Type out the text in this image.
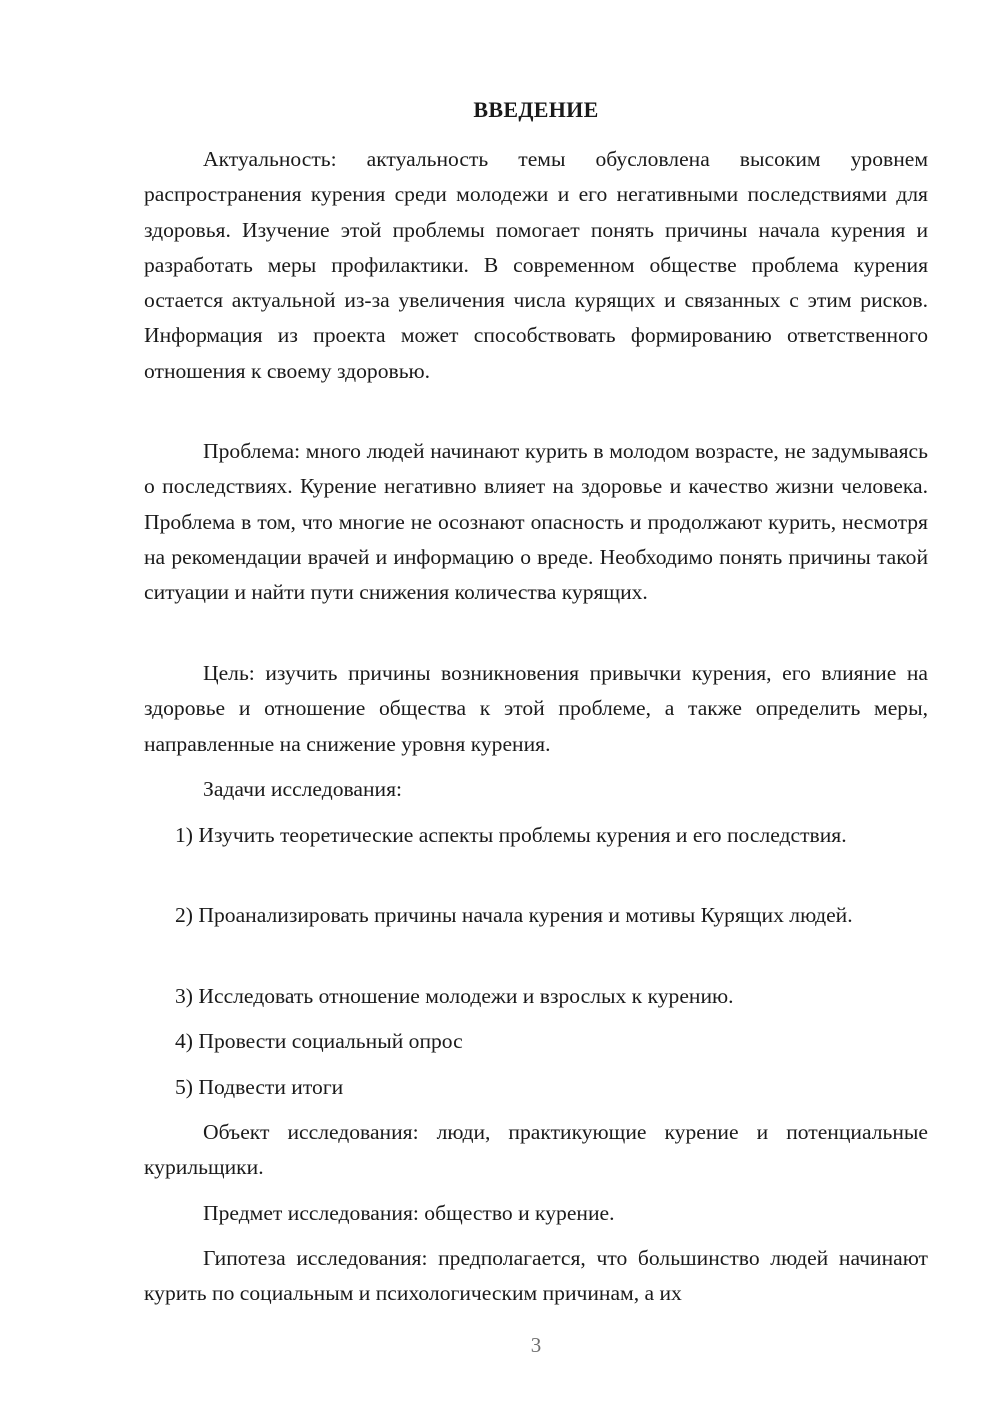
ВВЕДЕНИЕ

Актуальность: актуальность темы обусловлена высоким уровнем распространения курения среди молодежи и его негативными последствиями для здоровья. Изучение этой проблемы помогает понять причины начала курения и разработать меры профилактики. В современном обществе проблема курения остается актуальной из-за увеличения числа курящих и связанных с этим рисков. Информация из проекта может способствовать формированию ответственного отношения к своему здоровью.

Проблема: много людей начинают курить в молодом возрасте, не задумываясь о последствиях. Курение негативно влияет на здоровье и качество жизни человека. Проблема в том, что многие не осознают опасность и продолжают курить, несмотря на рекомендации врачей и информацию о вреде. Необходимо понять причины такой ситуации и найти пути снижения количества курящих.

Цель: изучить причины возникновения привычки курения, его влияние на здоровье и отношение общества к этой проблеме, а также определить меры, направленные на снижение уровня курения.

Задачи исследования:

1) Изучить теоретические аспекты проблемы курения и его последствия.

2) Проанализировать причины начала курения и мотивы Курящих людей.

3) Исследовать отношение молодежи и взрослых к курению.

4) Провести социальный опрос

5) Подвести итоги

Объект исследования: люди, практикующие курение и потенциальные курильщики.

Предмет исследования: общество и курение.

Гипотеза исследования: предполагается, что большинство людей начинают курить по социальным и психологическим причинам, а их

3
